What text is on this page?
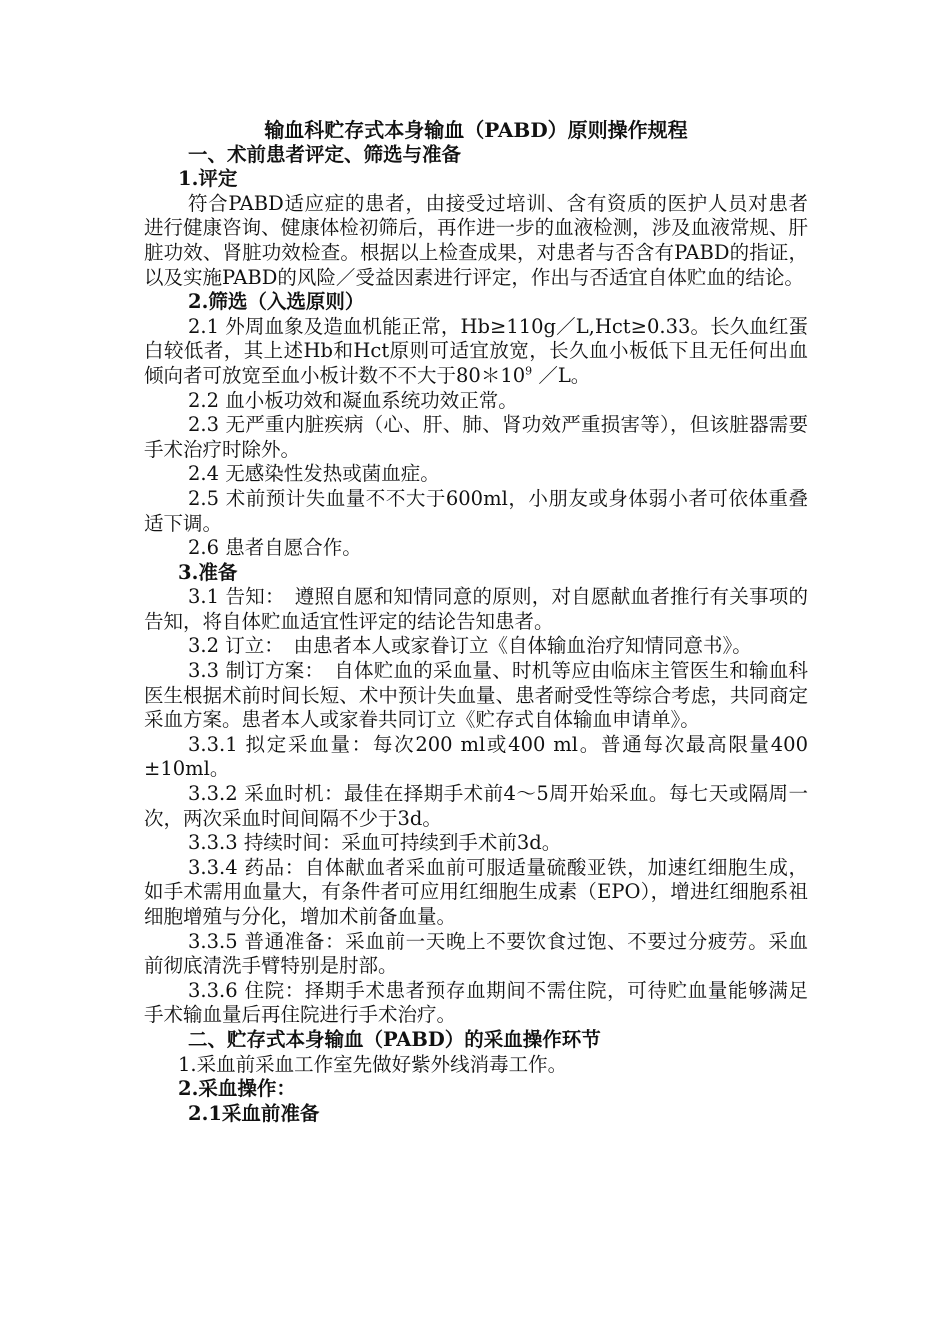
输血科贮存式本身输血（PABD）原则操作规程

一、术前患者评定、筛选与准备

1.评定

符合PABD适应症的患者，由接受过培训、含有资质的医护人员对患者进行健康咨询、健康体检初筛后，再作进一步的血液检测，涉及血液常规、肝脏功效、肾脏功效检查。根据以上检查成果，对患者与否含有PABD的指证，以及实施PABD的风险／受益因素进行评定，作出与否适宜自体贮血的结论。

2.筛选（入选原则）

2.1 外周血象及造血机能正常，Hb≥110g／L,Hct≥0.33。长久血红蛋白较低者，其上述Hb和Hct原则可适宜放宽，长久血小板低下且无任何出血倾向者可放宽至血小板计数不不大于$80*10^9$ ／L。

2.2 血小板功效和凝血系统功效正常。

2.3 无严重内脏疾病（心、肝、肺、肾功效严重损害等），但该脏器需要手术治疗时除外。

2.4 无感染性发热或菌血症。

2.5 术前预计失血量不不大于600ml，小朋友或身体弱小者可依体重叠适下调。

2.6 患者自愿合作。

3.准备

3.1 告知：　遵照自愿和知情同意的原则，对自愿献血者推行有关事项的告知，将自体贮血适宜性评定的结论告知患者。

3.2 订立：　由患者本人或家眷订立《自体输血治疗知情同意书》。

3.3 制订方案：　自体贮血的采血量、时机等应由临床主管医生和输血科医生根据术前时间长短、术中预计失血量、患者耐受性等综合考虑，共同商定采血方案。患者本人或家眷共同订立《贮存式自体输血申请单》。

3.3.1 拟定采血量：每次200 ml或400 ml。普通每次最高限量400 ±10ml。

3.3.2 采血时机：最佳在择期手术前4～5周开始采血。每七天或隔周一次，两次采血时间间隔不少于3d。

3.3.3 持续时间：采血可持续到手术前3d。

3.3.4 药品：自体献血者采血前可服适量硫酸亚铁，加速红细胞生成，如手术需用血量大，有条件者可应用红细胞生成素（EPO），增进红细胞系祖细胞增殖与分化，增加术前备血量。

3.3.5 普通准备：采血前一天晚上不要饮食过饱、不要过分疲劳。采血前彻底清洗手臂特别是肘部。

3.3.6 住院：择期手术患者预存血期间不需住院，可待贮血量能够满足手术输血量后再住院进行手术治疗。

二、贮存式本身输血（PABD）的采血操作环节

1.采血前采血工作室先做好紫外线消毒工作。

2.采血操作：

2.1采血前准备
